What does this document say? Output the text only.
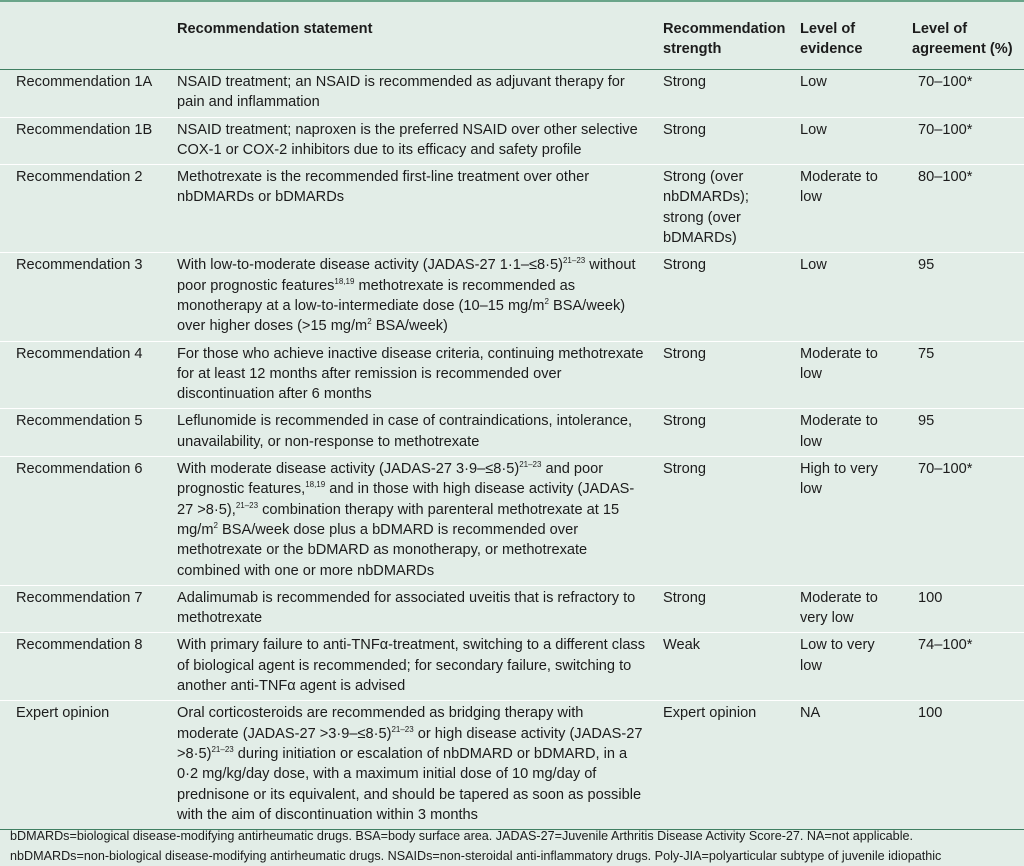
	Recommendation statement	Recommendation strength	Level of evidence	Level of agreement (%)
Recommendation 1A	NSAID treatment; an NSAID is recommended as adjuvant therapy for pain and inflammation	Strong	Low	70–100*
Recommendation 1B	NSAID treatment; naproxen is the preferred NSAID over other selective COX-1 or COX-2 inhibitors due to its efficacy and safety profile	Strong	Low	70–100*
Recommendation 2	Methotrexate is the recommended first-line treatment over other nbDMARDs or bDMARDs	Strong (over nbDMARDs); strong (over bDMARDs)	Moderate to low	80–100*
Recommendation 3	With low-to-moderate disease activity (JADAS-27 1·1–≤8·5)$^{21-23}$ without poor prognostic features$^{18,19}$ methotrexate is recommended as monotherapy at a low-to-intermediate dose (10–15 $mg/m^2$ BSA/week) over higher doses (>15 $mg/m^2$ BSA/week)	Strong	Low	95
Recommendation 4	For those who achieve inactive disease criteria, continuing methotrexate for at least 12 months after remission is recommended over discontinuation after 6 months	Strong	Moderate to low	75
Recommendation 5	Leflunomide is recommended in case of contraindications, intolerance, unavailability, or non-response to methotrexate	Strong	Moderate to low	95
Recommendation 6	With moderate disease activity (JADAS-27 3·9–≤8·5)$^{21-23}$ and poor prognostic features,$^{18,19}$ and in those with high disease activity (JADAS-27 >8·5),$^{21-23}$ combination therapy with parenteral methotrexate at 15 $mg/m^2$ BSA/week dose plus a bDMARD is recommended over methotrexate or the bDMARD as monotherapy, or methotrexate combined with one or more nbDMARDs	Strong	High to very low	70–100*
Recommendation 7	Adalimumab is recommended for associated uveitis that is refractory to methotrexate	Strong	Moderate to very low	100
Recommendation 8	With primary failure to anti-TNFα-treatment, switching to a different class of biological agent is recommended; for secondary failure, switching to another anti-TNFα agent is advised	Weak	Low to very low	74–100*
Expert opinion	Oral corticosteroids are recommended as bridging therapy with moderate (JADAS-27 >3·9–≤8·5)$^{21-23}$ or high disease activity (JADAS-27 >8·5)$^{21-23}$ during initiation or escalation of nbDMARD or bDMARD, in a 0·2 mg/kg/day dose, with a maximum initial dose of 10 mg/day of prednisone or its equivalent, and should be tapered as soon as possible with the aim of discontinuation within 3 months	Expert opinion	NA	100
bDMARDs=biological disease-modifying antirheumatic drugs. BSA=body surface area. JADAS-27=Juvenile Arthritis Disease Activity Score-27. NA=not applicable.
nbDMARDs=non-biological disease-modifying antirheumatic drugs. NSAIDs=non-steroidal anti-inflammatory drugs. Poly-JIA=polyarticular subtype of juvenile idiopathic
